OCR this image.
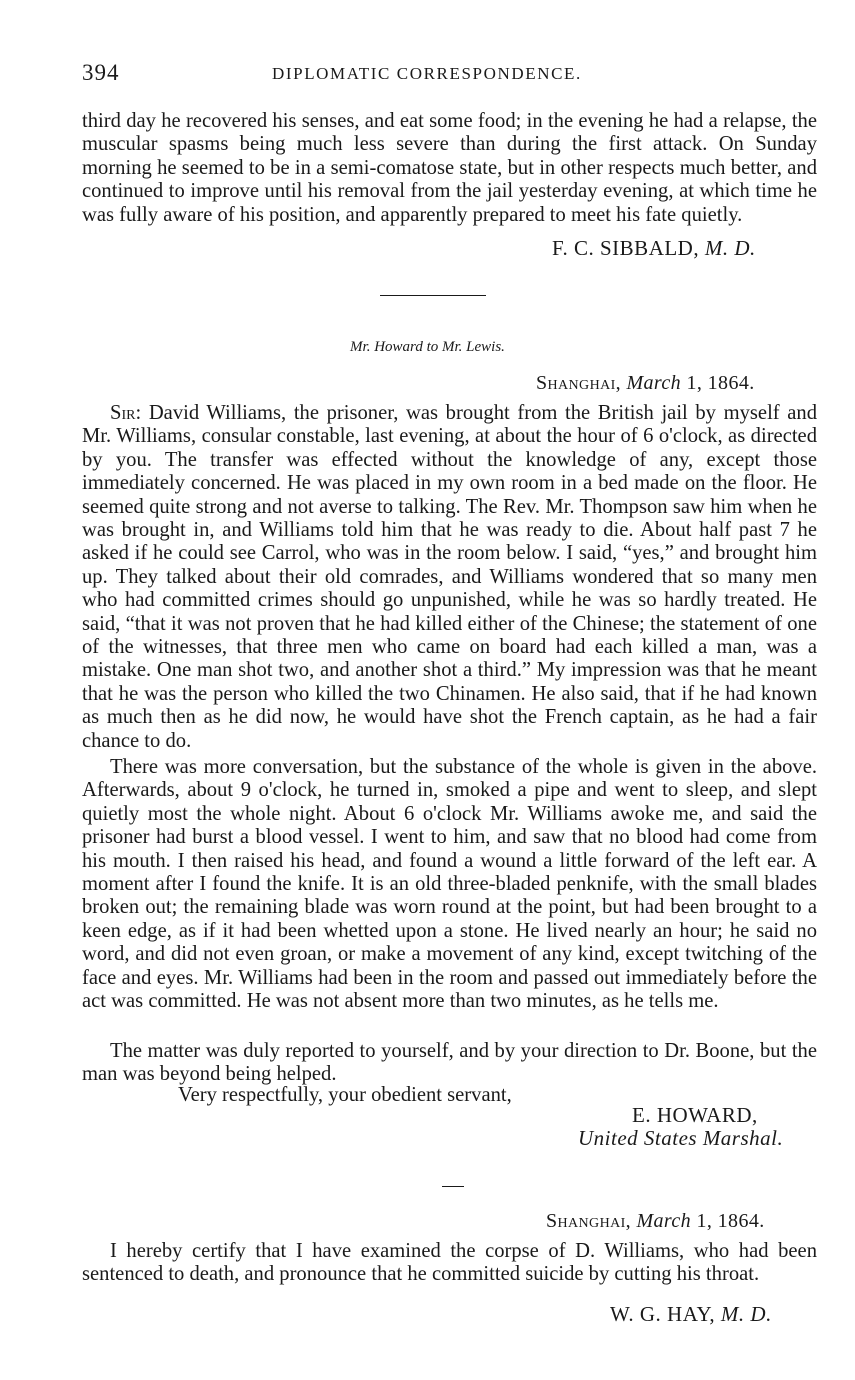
394	DIPLOMATIC CORRESPONDENCE.
third day he recovered his senses, and eat some food; in the evening he had a relapse, the muscular spasms being much less severe than during the first attack. On Sunday morning he seemed to be in a semi-comatose state, but in other respects much better, and continued to improve until his removal from the jail yesterday evening, at which time he was fully aware of his position, and apparently prepared to meet his fate quietly.
F. C. SIBBALD, M. D.
Mr. Howard to Mr. Lewis.
Shanghai, March 1, 1864.
Sir: David Williams, the prisoner, was brought from the British jail by myself and Mr. Williams, consular constable, last evening, at about the hour of 6 o'clock, as directed by you. The transfer was effected without the knowledge of any, except those immediately concerned. He was placed in my own room in a bed made on the floor. He seemed quite strong and not averse to talking. The Rev. Mr. Thompson saw him when he was brought in, and Williams told him that he was ready to die. About half past 7 he asked if he could see Carrol, who was in the room below. I said, “yes,” and brought him up. They talked about their old comrades, and Williams wondered that so many men who had committed crimes should go unpunished, while he was so hardly treated. He said, “that it was not proven that he had killed either of the Chinese; the statement of one of the witnesses, that three men who came on board had each killed a man, was a mistake. One man shot two, and another shot a third.” My impression was that he meant that he was the person who killed the two Chinamen. He also said, that if he had known as much then as he did now, he would have shot the French captain, as he had a fair chance to do.
There was more conversation, but the substance of the whole is given in the above. Afterwards, about 9 o'clock, he turned in, smoked a pipe and went to sleep, and slept quietly most the whole night. About 6 o'clock Mr. Williams awoke me, and said the prisoner had burst a blood vessel. I went to him, and saw that no blood had come from his mouth. I then raised his head, and found a wound a little forward of the left ear. A moment after I found the knife. It is an old three-bladed penknife, with the small blades broken out; the remaining blade was worn round at the point, but had been brought to a keen edge, as if it had been whetted upon a stone. He lived nearly an hour; he said no word, and did not even groan, or make a movement of any kind, except twitching of the face and eyes. Mr. Williams had been in the room and passed out immediately before the act was committed. He was not absent more than two minutes, as he tells me.
The matter was duly reported to yourself, and by your direction to Dr. Boone, but the man was beyond being helped.
Very respectfully, your obedient servant,
E. HOWARD,
United States Marshal.
Shanghai, March 1, 1864.
I hereby certify that I have examined the corpse of D. Williams, who had been sentenced to death, and pronounce that he committed suicide by cutting his throat.
W. G. HAY, M. D.
